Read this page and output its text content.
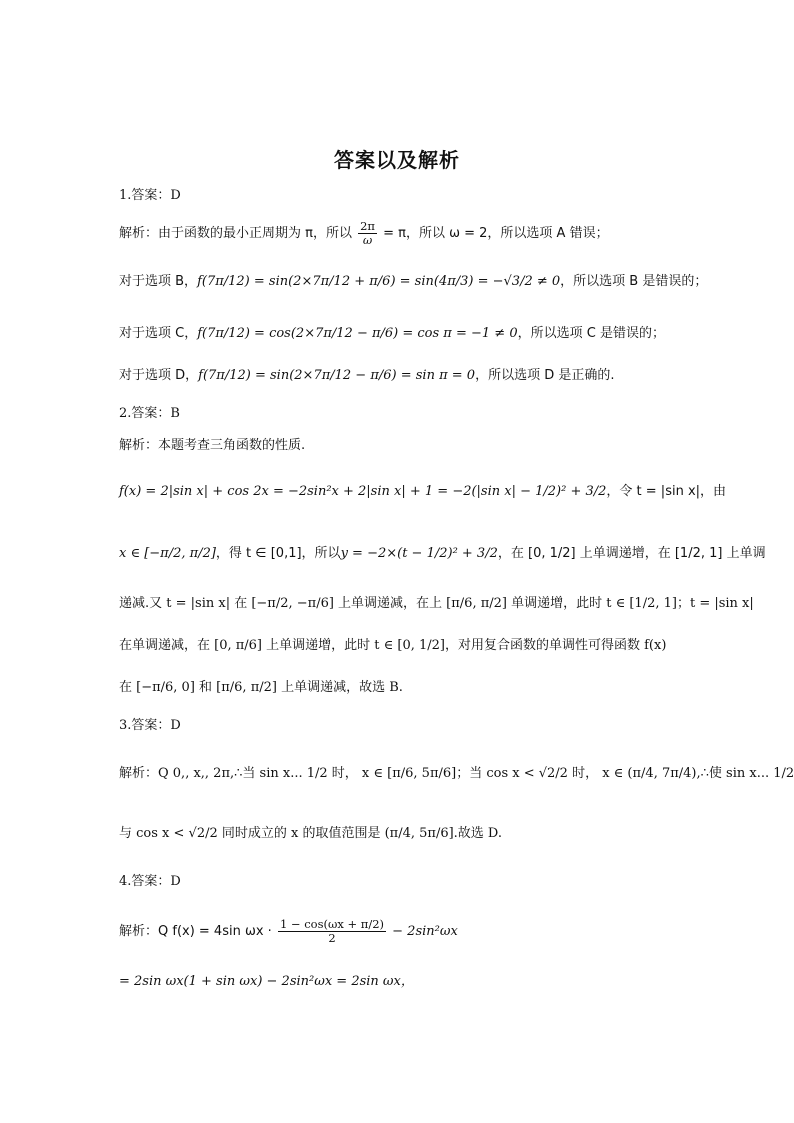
答案以及解析
1.答案：D
解析：由于函数的最小正周期为 π，所以 $\frac{2\pi}{\omega} = \pi$，所以 ω = 2，所以选项 A 错误；
对于选项 B，f(7π/12) = sin(2×7π/12 + π/6) = sin(4π/3) = −√3/2 ≠ 0，所以选项 B 是错误的；
对于选项 C，f(7π/12) = cos(2×7π/12 − π/6) = cos π = −1 ≠ 0，所以选项 C 是错误的；
对于选项 D，f(7π/12) = sin(2×7π/12 − π/6) = sin π = 0，所以选项 D 是正确的.
2.答案：B
解析：本题考查三角函数的性质.
f(x) = 2|sin x| + cos 2x = −2sin²x + 2|sin x| + 1 = −2(|sin x| − 1/2)² + 3/2，令 t = |sin x|，由
x ∈ [−π/2, π/2]，得 t ∈ [0,1]，所以y = −2×(t − 1/2)² + 3/2，在 [0, 1/2] 上单调递增，在 [1/2, 1] 上单调
递减.又 t = |sin x| 在 [−π/2, −π/6] 上单调递减，在上 [π/6, π/2] 单调递增，此时 t ∈ [1/2, 1]；t = |sin x|
在单调递减，在 [0, π/6] 上单调递增，此时 t ∈ [0, 1/2]，对用复合函数的单调性可得函数 f(x)
在 [−π/6, 0] 和 [π/6, π/2] 上单调递减，故选 B.
3.答案：D
解析：Q 0,, x,, 2π,∴当 sin x... 1/2 时， x ∈ [π/6, 5π/6]；当 cos x < √2/2 时， x ∈ (π/4, 7π/4),∴使 sin x... 1/2
与 cos x < √2/2 同时成立的 x 的取值范围是 (π/4, 5π/6].故选 D.
4.答案：D
解析：Q f(x) = 4sin $\omega x \cdot \frac{1 - \cos(\omega x + \pi/2)}{2} - 2\sin^2\omega x$
= 2sin ωx(1 + sin ωx) − 2sin²ωx = 2sin ωx，
